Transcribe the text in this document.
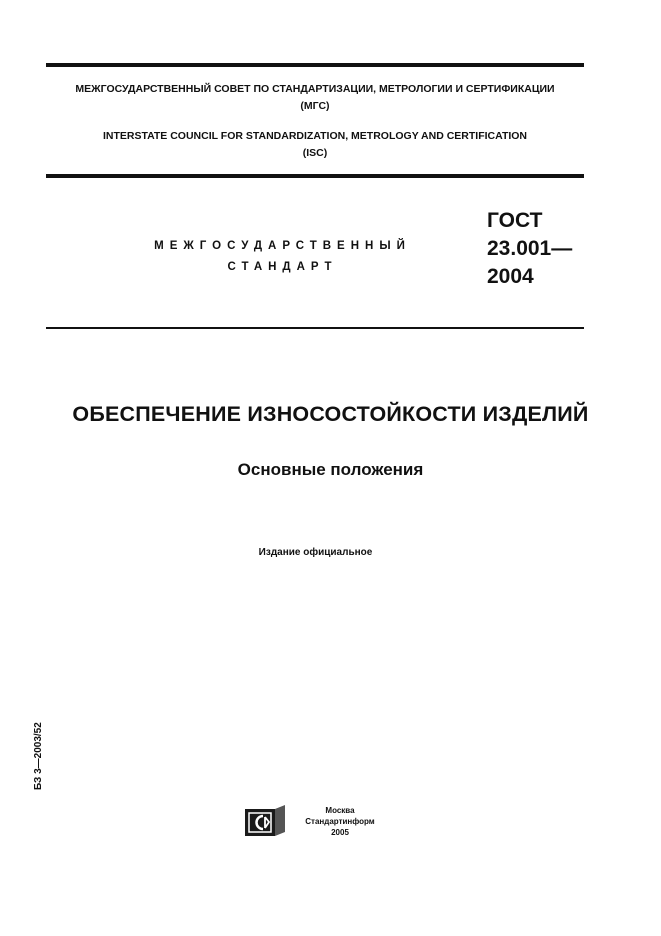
МЕЖГОСУДАРСТВЕННЫЙ СОВЕТ ПО СТАНДАРТИЗАЦИИ, МЕТРОЛОГИИ И СЕРТИФИКАЦИИ
(МГС)

INTERSTATE COUNCIL FOR STANDARDIZATION, METROLOGY AND CERTIFICATION
(ISC)

МЕЖГОСУДАРСТВЕННЫЙ
СТАНДАРТ
ГОСТ
23.001—
2004
ОБЕСПЕЧЕНИЕ ИЗНОСОСТОЙКОСТИ ИЗДЕЛИЙ
Основные положения
Издание официальное
БЗ 3—2003/52
Москва
Стандартинформ
2005
